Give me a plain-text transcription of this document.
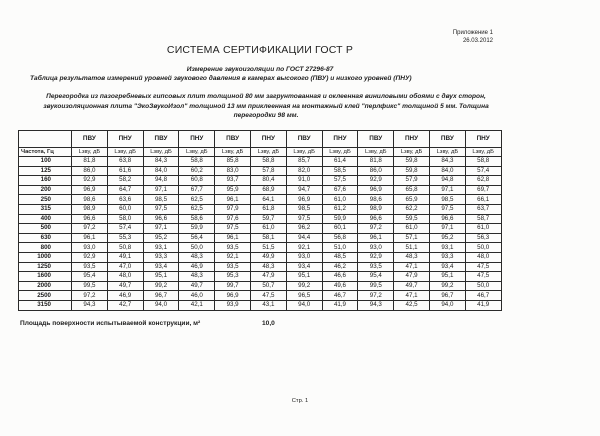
Приложение 1
26.03.2012
СИСТЕМА СЕРТИФИКАЦИИ ГОСТ Р
Измерение звукоизоляции по ГОСТ 27296-87
Таблица результатов измерений уровней звукового давления в камерах высокого (ПВУ) и низкого уровней (ПНУ)
Перегородка из пазогребневых гипсовых плит толщиной 80 мм загрунтованная и оклеенная виниловыми обоями с двух сторон, звукоизоляционная плита "ЭкоЗвукоИзол" толщиной 13 мм приклеенная на монтажный клей "перлфикс" толщиной 5 мм. Толщина перегородки 98 мм.
	ПВУ	ПНУ	ПВУ	ПНУ	ПВУ	ПНУ	ПВУ	ПНУ	ПВУ	ПНУ	ПВУ	ПНУ
Частота, Гц	Lзву, дБ	Lзву, дБ	Lзву, дБ	Lзву, дБ	Lзву, дБ	Lзву, дБ	Lзву, дБ	Lзву, дБ	Lзву, дБ	Lзву, дБ	Lзву, дБ	Lзву, дБ
100	81,8	63,8	84,3	58,8	85,8	58,8	85,7	61,4	81,8	59,8	84,3	58,8
125	86,0	61,6	84,0	60,2	83,0	57,8	82,0	58,5	86,0	59,8	84,0	57,4
160	92,9	58,2	94,8	60,8	93,7	80,4	91,0	57,5	92,9	57,9	94,8	62,8
200	96,9	64,7	97,1	67,7	95,9	68,9	94,7	67,6	96,9	65,8	97,1	69,7
250	98,6	63,6	98,5	62,5	96,1	64,1	96,9	61,0	98,6	65,9	98,5	66,1
315	98,9	60,0	97,5	62,5	97,9	61,8	98,5	61,2	98,9	62,2	97,5	63,7
400	96,6	58,0	96,6	58,6	97,6	59,7	97,5	59,9	96,6	59,5	96,6	58,7
500	97,2	57,4	97,1	59,9	97,5	61,0	96,2	60,1	97,2	61,0	97,1	61,0
630	96,1	55,3	95,2	56,4	96,1	58,1	94,4	56,8	96,1	57,1	95,2	56,3
800	93,0	50,8	93,1	50,0	93,5	51,5	92,1	51,0	93,0	51,1	93,1	50,0
1000	92,9	49,1	93,3	48,3	92,1	49,9	93,0	48,5	92,9	48,3	93,3	48,0
1250	93,5	47,0	93,4	46,9	93,5	48,3	93,4	46,2	93,5	47,1	93,4	47,5
1600	95,4	48,0	95,1	48,3	95,3	47,9	95,1	46,6	95,4	47,9	95,1	47,5
2000	99,5	49,7	99,2	49,7	99,7	50,7	99,2	49,6	99,5	49,7	99,2	50,0
2500	97,2	46,9	96,7	46,0	96,9	47,5	96,5	46,7	97,2	47,1	96,7	46,7
3150	94,3	42,7	94,0	42,1	93,9	43,1	94,0	41,9	94,3	42,5	94,0	41,9
Площадь поверхности испытываемой конструкции, м²	10,0
Стр. 1
